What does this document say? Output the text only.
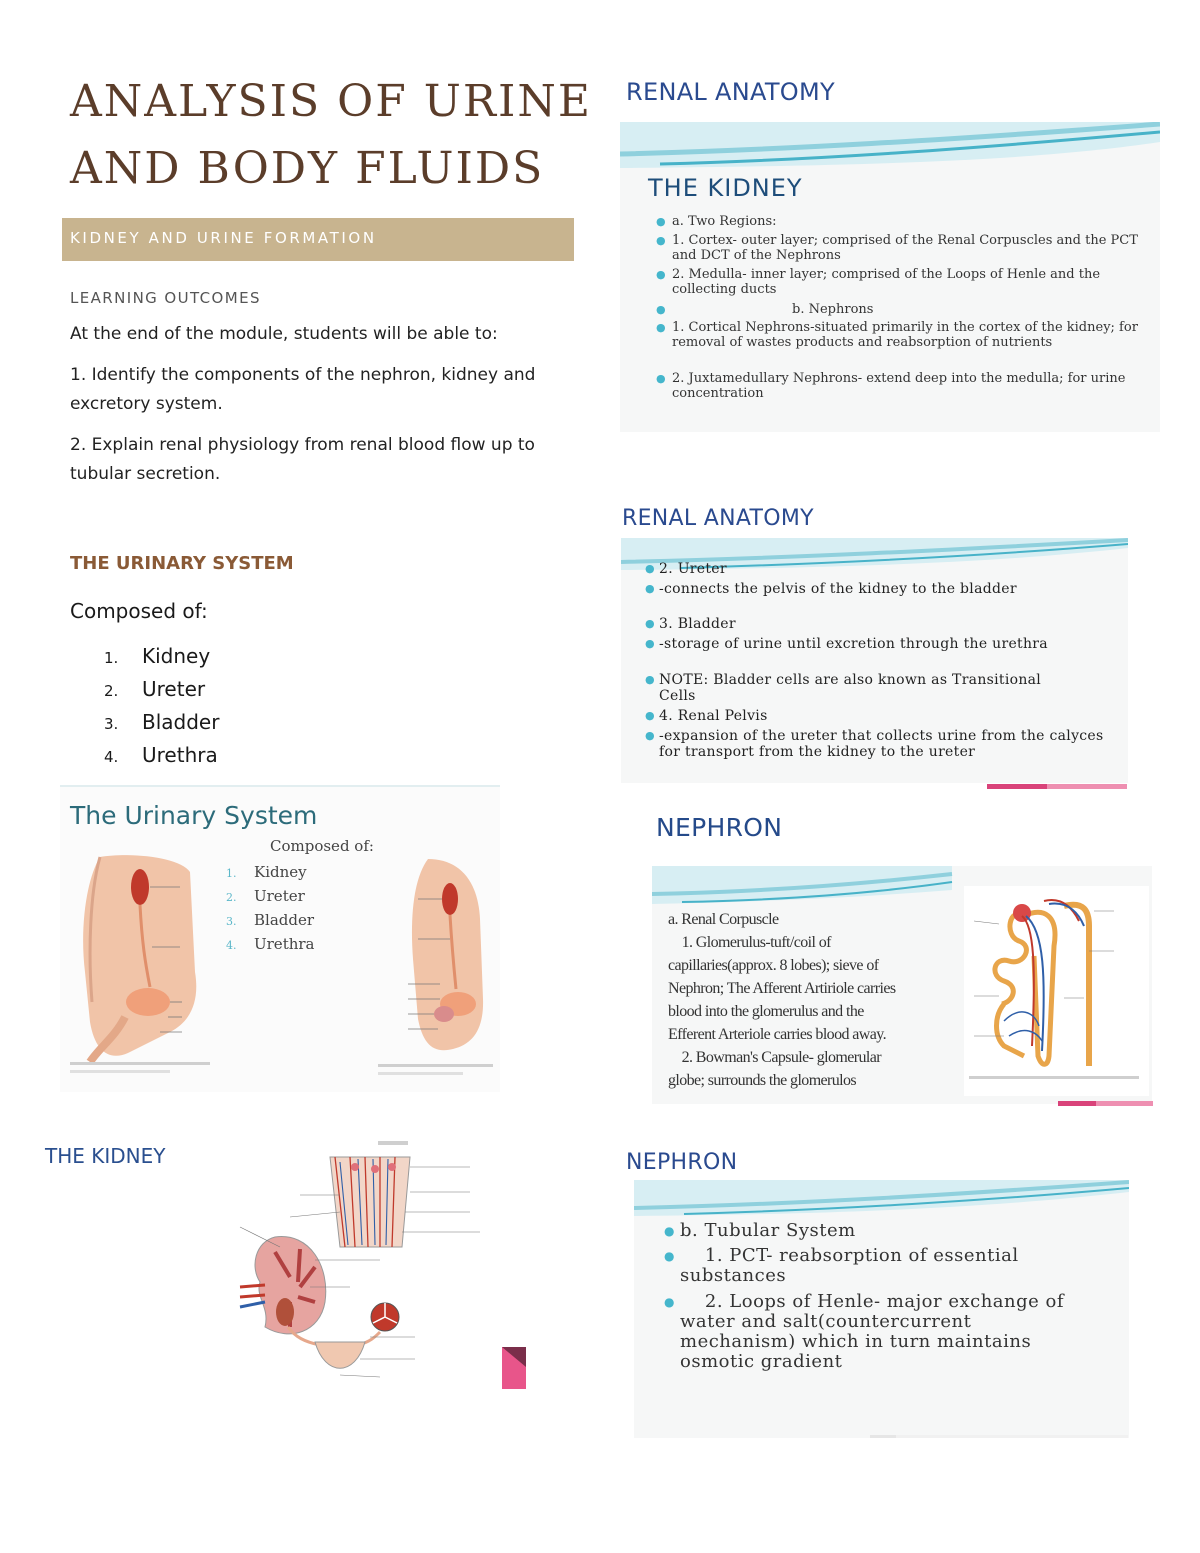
ANALYSIS OF URINE
AND BODY FLUIDS
KIDNEY AND URINE FORMATION
LEARNING OUTCOMES
At the end of the module, students will be able to:
1. Identify the components of the nephron, kidney and excretory system.
2. Explain renal physiology from renal blood flow up to tubular secretion.
THE URINARY SYSTEM
Composed of:
1. Kidney
2. Ureter
3. Bladder
4. Urethra
The Urinary System
Composed of:
1. Kidney
2. Ureter
3. Bladder
4. Urethra
THE KIDNEY
RENAL ANATOMY
THE KIDNEY
● a. Two Regions:
● 1. Cortex- outer layer; comprised of the Renal Corpuscles and the PCT and DCT of the Nephrons
● 2. Medulla- inner layer; comprised of the Loops of Henle and the collecting ducts
●	b. Nephrons
● 1. Cortical Nephrons-situated primarily in the cortex of the kidney; for removal of wastes products and reabsorption of nutrients
● 2. Juxtamedullary Nephrons- extend deep into the medulla; for urine concentration
RENAL ANATOMY
● 2. Ureter
● -connects the pelvis of the kidney to the bladder
● 3. Bladder
● -storage of urine until excretion through the urethra
● NOTE: Bladder cells are also known as Transitional Cells
● 4. Renal Pelvis
● -expansion of the ureter that collects urine from the calyces for transport from the kidney to the ureter
NEPHRON
a. Renal Corpuscle
1. Glomerulus-tuft/coil of
capillaries(approx. 8 lobes); sieve of
Nephron; The Afferent Artiriole carries
blood into the glomerulus and the
Efferent Arteriole carries blood away.
2. Bowman's Capsule- glomerular
globe; surrounds the glomerulos
NEPHRON
● b. Tubular System
● 1. PCT- reabsorption of essential substances
● 2. Loops of Henle- major exchange of water and salt(countercurrent mechanism) which in turn maintains osmotic gradient
